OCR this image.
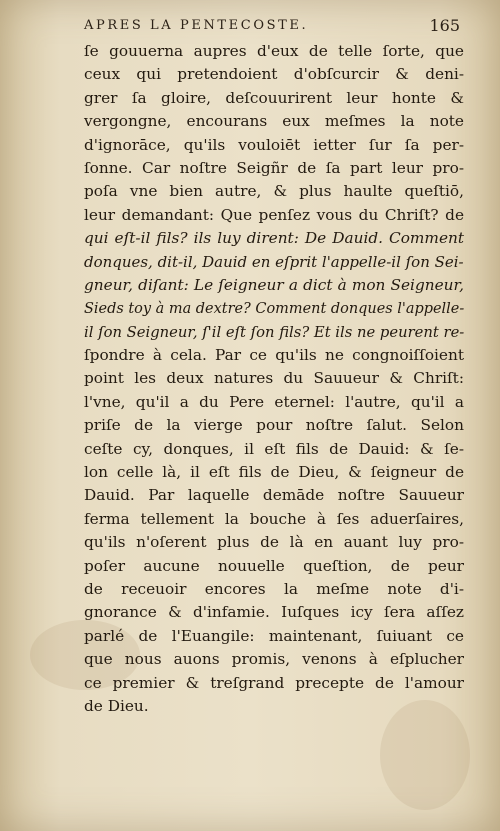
APRES LA PENTECOSTE.	165
ſe gouuerna aupres d'eux de telle ſorte, que
ceux qui pretendoient d'obſcurcir & deni-
grer ſa gloire, deſcouurirent leur honte &
vergongne, encourans eux meſmes la note
d'ignorāce, qu'ils vouloiēt ietter ſur ſa per-
ſonne. Car noſtre Seigñr de ſa part leur pro-
poſa vne bien autre, & plus haulte queſtiō,
leur demandant: Que penſez vous du Chriſt? de
qui eſt-il fils? ils luy dirent: De Dauid. Comment
donques, dit-il, Dauid en eſprit l'appelle-il ſon Sei-
gneur, diſant: Le ſeigneur a dict à mon Seigneur,
Sieds toy à ma dextre? Comment donques l'appelle-
il ſon Seigneur, ſ'il eſt ſon fils? Et ils ne peurent re-
ſpondre à cela. Par ce qu'ils ne congnoiſſoient
point les deux natures du Sauueur & Chriſt:
l'vne, qu'il a du Pere eternel: l'autre, qu'il a
priſe de la vierge pour noſtre ſalut. Selon
ceſte cy, donques, il eſt fils de Dauid: & ſe-
lon celle là, il eſt fils de Dieu, & ſeigneur de
Dauid. Par laquelle demāde noſtre Sauueur
ferma tellement la bouche à ſes aduerſaires,
qu'ils n'oſerent plus de là en auant luy pro-
poſer aucune nouuelle queſtion, de peur
de receuoir encores la meſme note d'i-
gnorance & d'infamie. Iuſques icy ſera aſſez
parlé de l'Euangile: maintenant, ſuiuant ce
que nous auons promis, venons à eſplucher
ce premier & treſgrand precepte de l'amour
de Dieu.
